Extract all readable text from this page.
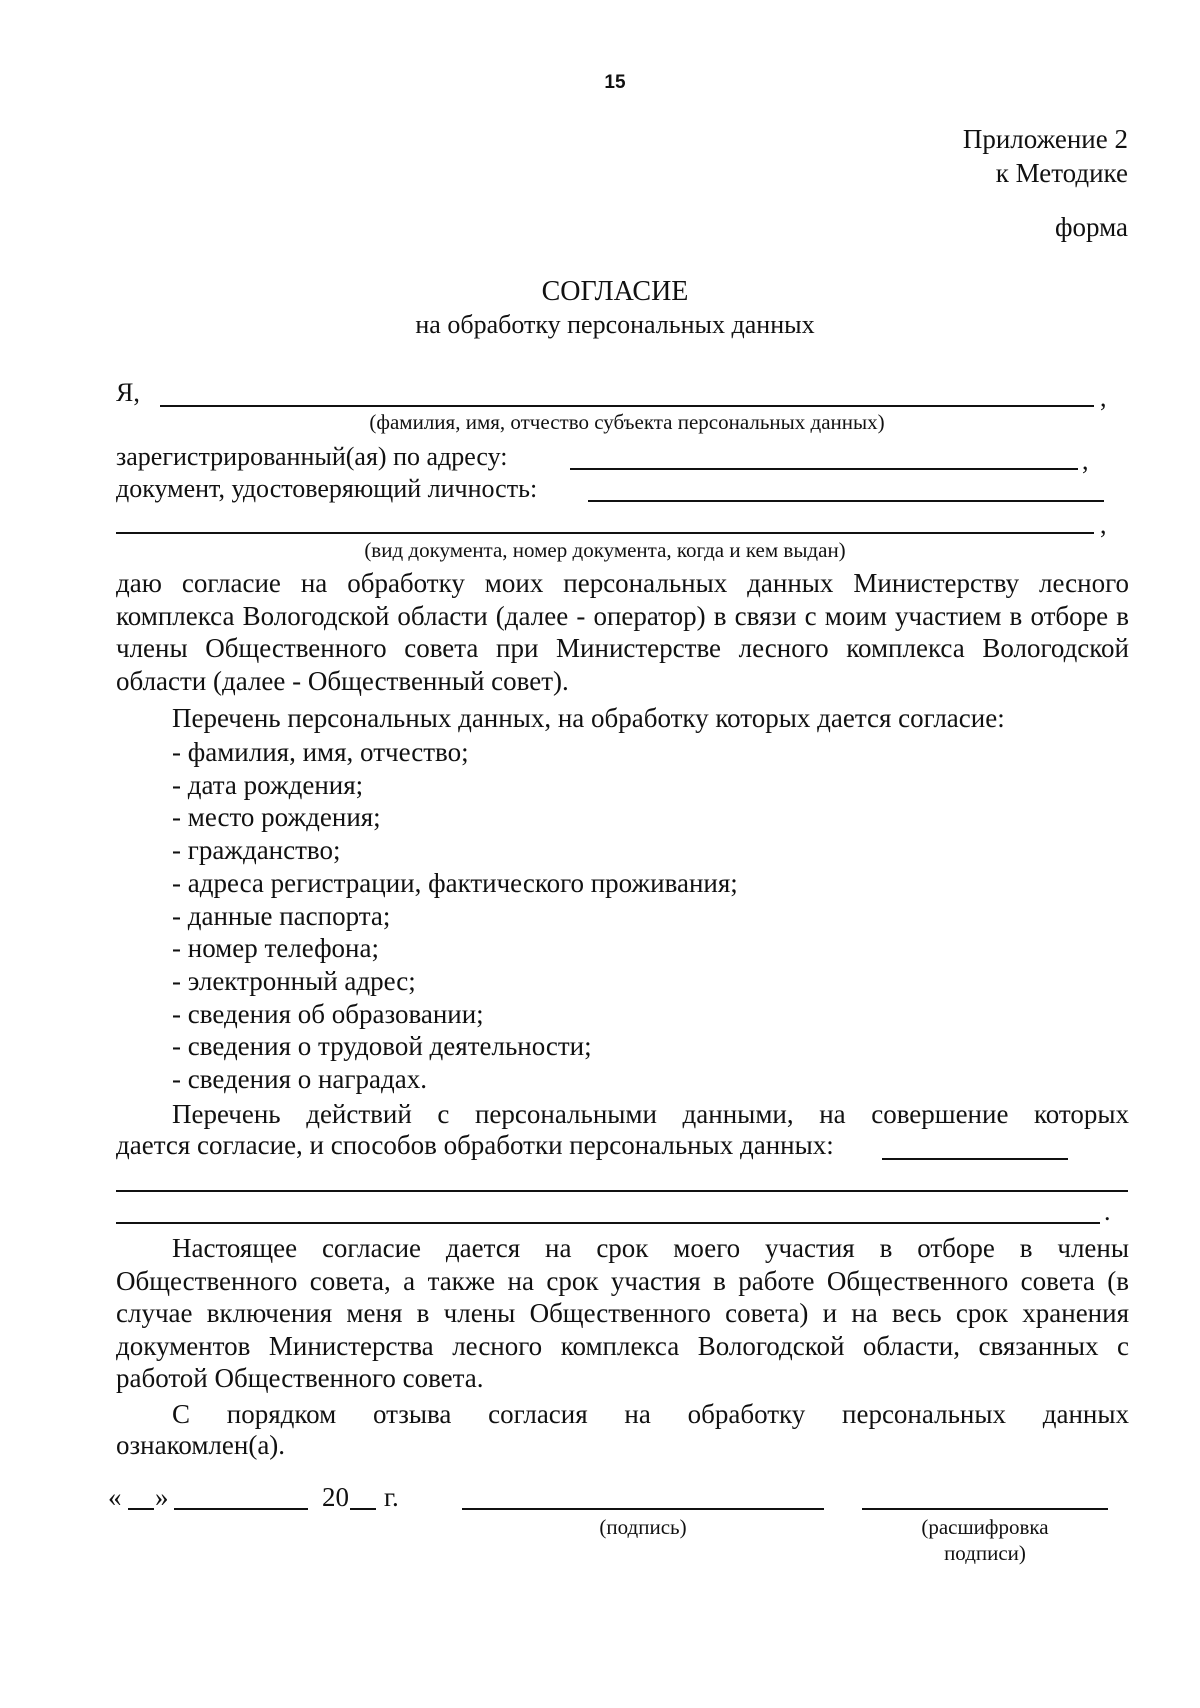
15
Приложение 2
к Методике
форма
СОГЛАСИЕ
на обработку персональных данных
Я,	,
(фамилия, имя, отчество субъекта персональных данных)
зарегистрированный(ая) по адресу:	,
документ, удостоверяющий личность:
,
(вид документа, номер документа, когда и кем выдан)
даю согласие на обработку моих персональных данных Министерству лесного комплекса Вологодской области (далее - оператор) в связи с моим участием в отборе в члены Общественного совета при Министерстве лесного комплекса Вологодской области (далее - Общественный совет).
Перечень персональных данных, на обработку которых дается согласие:
- фамилия, имя, отчество;
- дата рождения;
- место рождения;
- гражданство;
- адреса регистрации, фактического проживания;
- данные паспорта;
- номер телефона;
- электронный адрес;
- сведения об образовании;
- сведения о трудовой деятельности;
- сведения о наградах.
Перечень действий с персональными данными, на совершение которых
дается согласие, и способов обработки персональных данных:
.
Настоящее согласие дается на срок моего участия в отборе в члены Общественного совета, а также на срок участия в работе Общественного совета (в случае включения меня в члены Общественного совета) и на весь срок хранения документов Министерства лесного комплекса Вологодской области, связанных с работой Общественного совета.
С порядком отзыва согласия на обработку персональных данных
ознакомлен(а).
« »	20 г.
(подпись)	(расшифровка
подписи)
